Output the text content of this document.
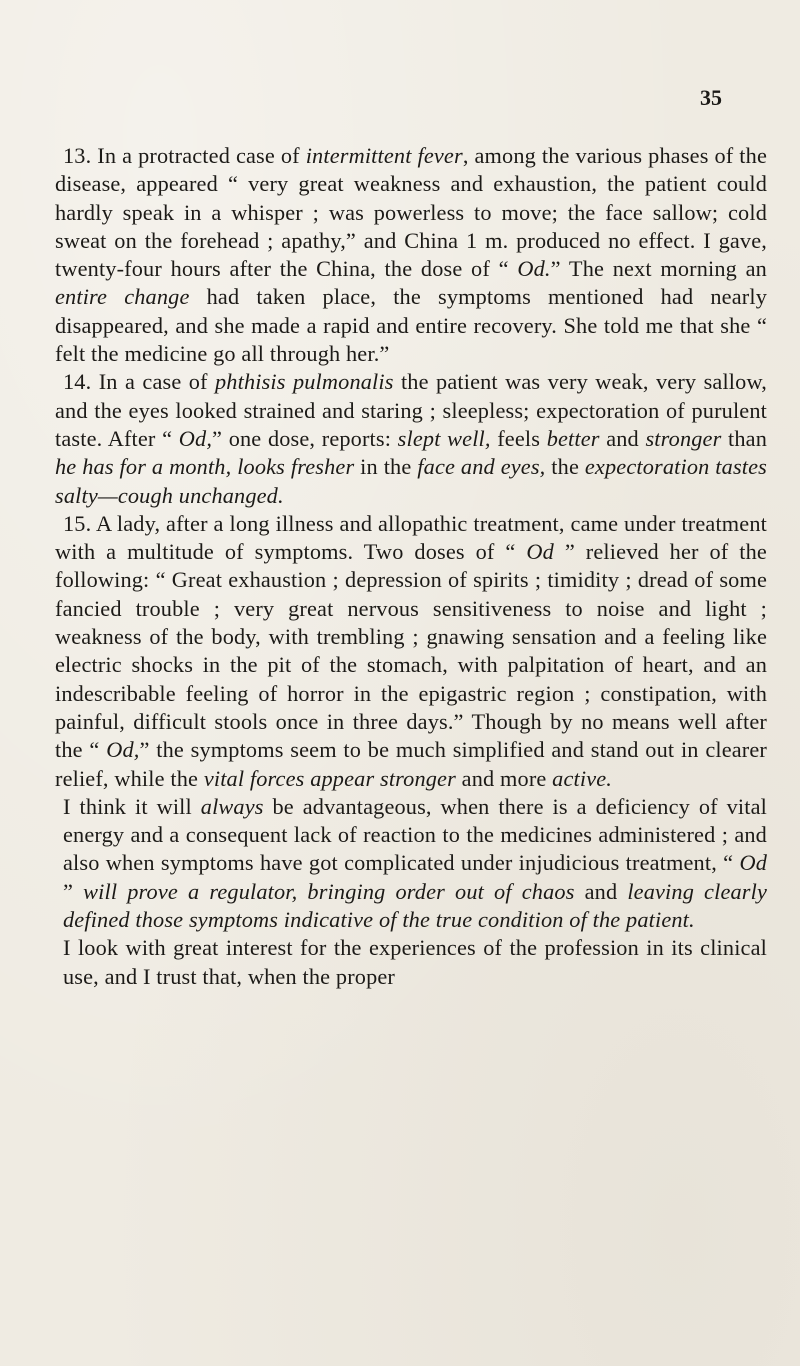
35

13. In a protracted case of intermittent fever, among the various phases of the disease, appeared “ very great weakness and exhaustion, the patient could hardly speak in a whisper ; was powerless to move; the face sallow; cold sweat on the forehead ; apathy,” and China 1 m. produced no effect. I gave, twenty-four hours after the China, the dose of “ Od.” The next morning an entire change had taken place, the symptoms mentioned had nearly disappeared, and she made a rapid and entire recovery. She told me that she “ felt the medicine go all through her.”

14. In a case of phthisis pulmonalis the patient was very weak, very sallow, and the eyes looked strained and staring ; sleepless; expectoration of purulent taste. After “ Od,” one dose, reports: slept well, feels better and stronger than he has for a month, looks fresher in the face and eyes, the expectoration tastes salty—cough unchanged.

15. A lady, after a long illness and allopathic treatment, came under treatment with a multitude of symptoms. Two doses of “ Od ” relieved her of the following: “ Great exhaustion ; depression of spirits ; timidity ; dread of some fancied trouble ; very great nervous sensitiveness to noise and light ; weakness of the body, with trembling ; gnawing sensation and a feeling like electric shocks in the pit of the stomach, with palpitation of heart, and an indescribable feeling of horror in the epigastric region ; constipation, with painful, difficult stools once in three days.” Though by no means well after the “ Od,” the symptoms seem to be much simplified and stand out in clearer relief, while the vital forces appear stronger and more active.

I think it will always be advantageous, when there is a deficiency of vital energy and a consequent lack of reaction to the medicines administered ; and also when symptoms have got complicated under injudicious treatment, “ Od ” will prove a regulator, bringing order out of chaos and leaving clearly defined those symptoms indicative of the true condition of the patient.

I look with great interest for the experiences of the profession in its clinical use, and I trust that, when the proper
